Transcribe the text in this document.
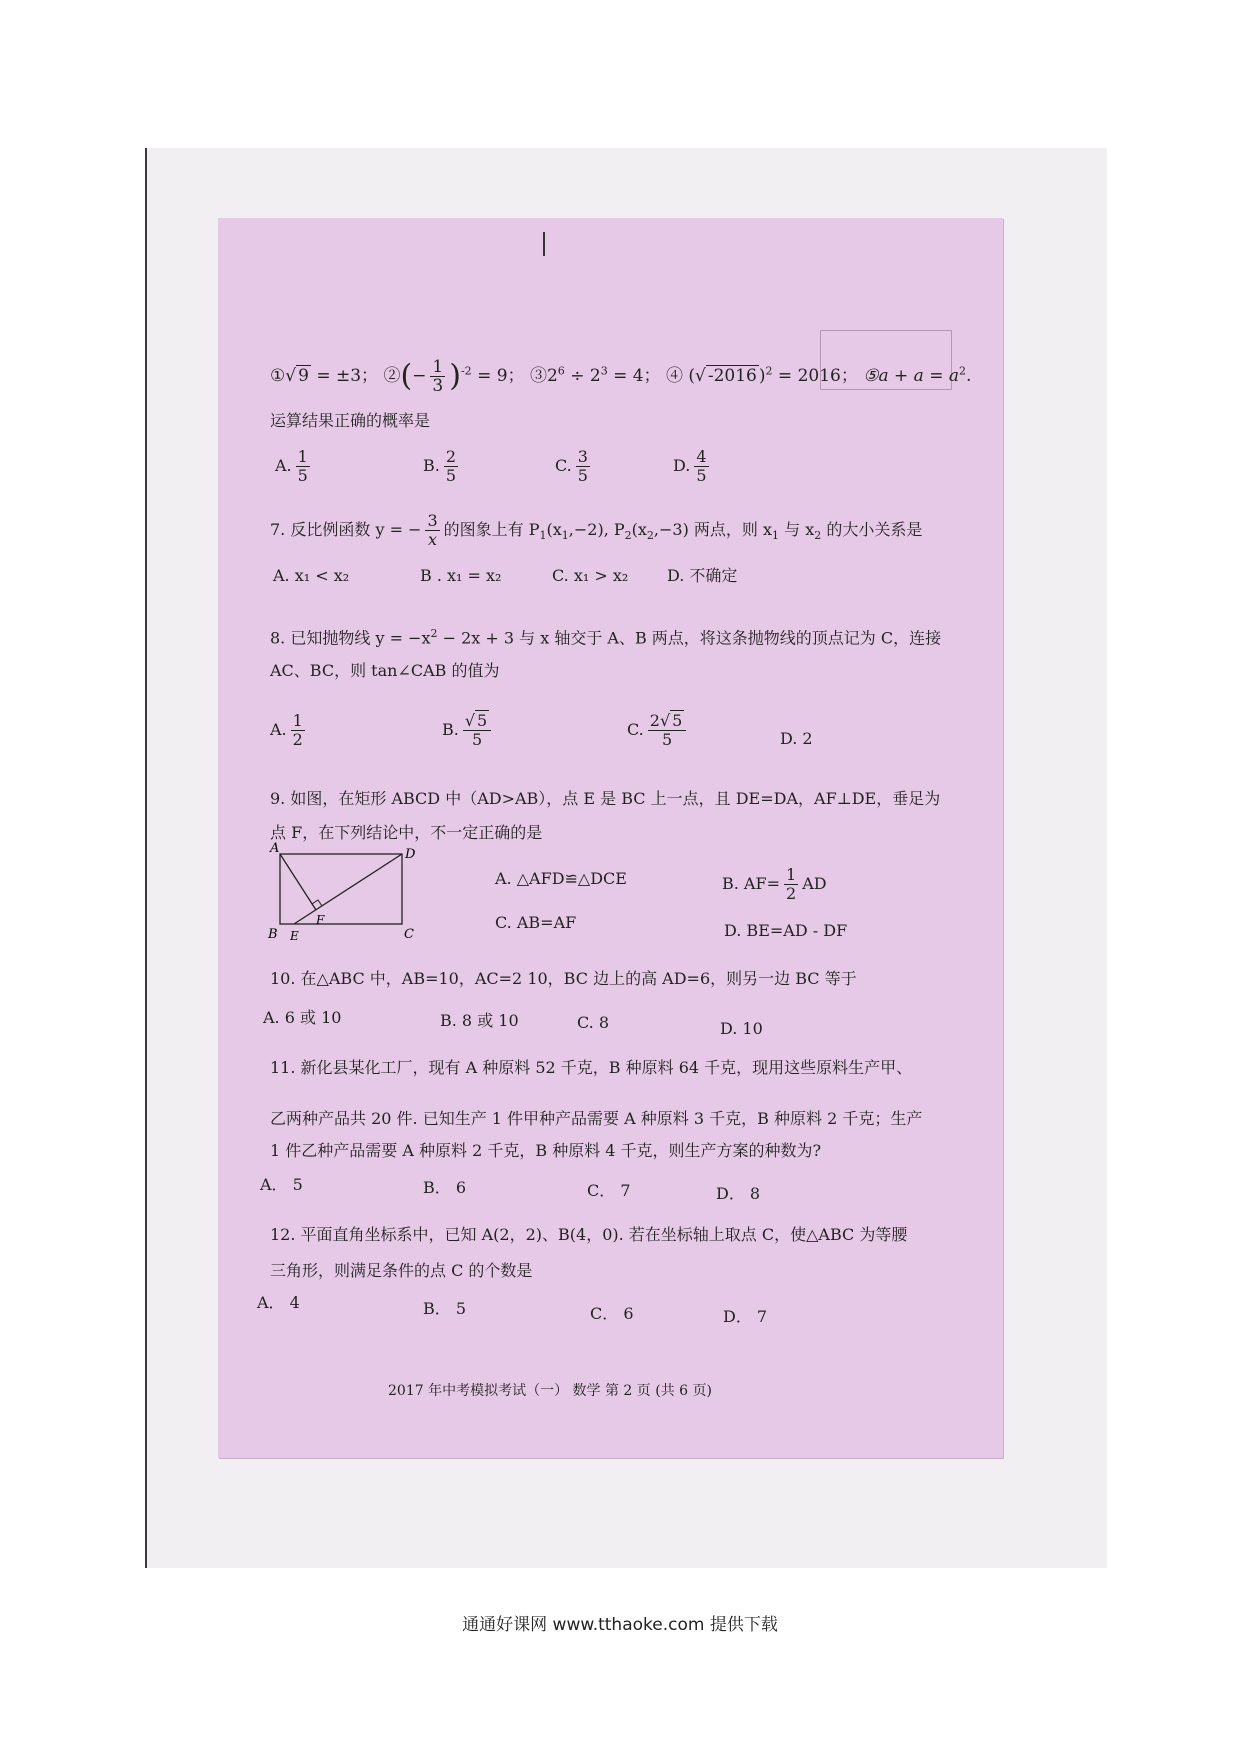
①√ 9 = ±3； ②(− $\frac{1}{3} )^{-2} = 9$； $③2^6 \div 2^3 = 4$； ④ (√ -2016 )$^2$ = 2016； ⑤a + $a = a^2$.
运算结果正确的概率是
A. $\frac{1}{5}$	B. $\frac{2}{5}$	C. $\frac{3}{5}$	D. $\frac{4}{5}$
7. 反比例函数 y = − $\frac{3}{x}$ 的图象上有 $P_1(x_1,-2)$, $P_2(x_2,-3)$ 两点，则 $x_1$ 与 $x_2$ 的大小关系是
A. x₁ < x₂	B . x₁ = x₂	C. x₁ > x₂ D. 不确定
8. 已知抛物线 $y = -x^2 - 2x + 3$ 与 x 轴交于 A、B 两点，将这条抛物线的顶点记为 C，连接
AC、BC，则 tan∠CAB 的值为
A. $\frac{1}{2}$	B. $\frac{√ 5}{5}$	C. $\frac{2√ 5}{5}$	D. 2
9. 如图，在矩形 ABCD 中（AD>AB），点 E 是 BC 上一点，且 DE=DA，AF⊥DE，垂足为
点 F，在下列结论中，不一定正确的是
A	D
B E
F
C
A. △AFD≌△DCE	B. $AF= \frac{1}{2}$ AD
C. AB=AF	D. BE=AD - DF
10. 在△ABC 中，AB=10，AC=2 10，BC 边上的高 AD=6，则另一边 BC 等于
A. 6 或 10	B. 8 或 10	C. 8	D. 10
11. 新化县某化工厂，现有 A 种原料 52 千克，B 种原料 64 千克，现用这些原料生产甲、
乙两种产品共 20 件. 已知生产 1 件甲种产品需要 A 种原料 3 千克，B 种原料 2 千克；生产
1 件乙种产品需要 A 种原料 2 千克，B 种原料 4 千克，则生产方案的种数为?
A． 5	B． 6	C． 7	D． 8
12. 平面直角坐标系中，已知 A(2，2)、B(4，0). 若在坐标轴上取点 C，使△ABC 为等腰
三角形，则满足条件的点 C 的个数是
A． 4	B． 5	C． 6	D． 7
2017 年中考模拟考试（一） 数学 第 2 页 (共 6 页)
通通好课网 www.tthaoke.com 提供下载
